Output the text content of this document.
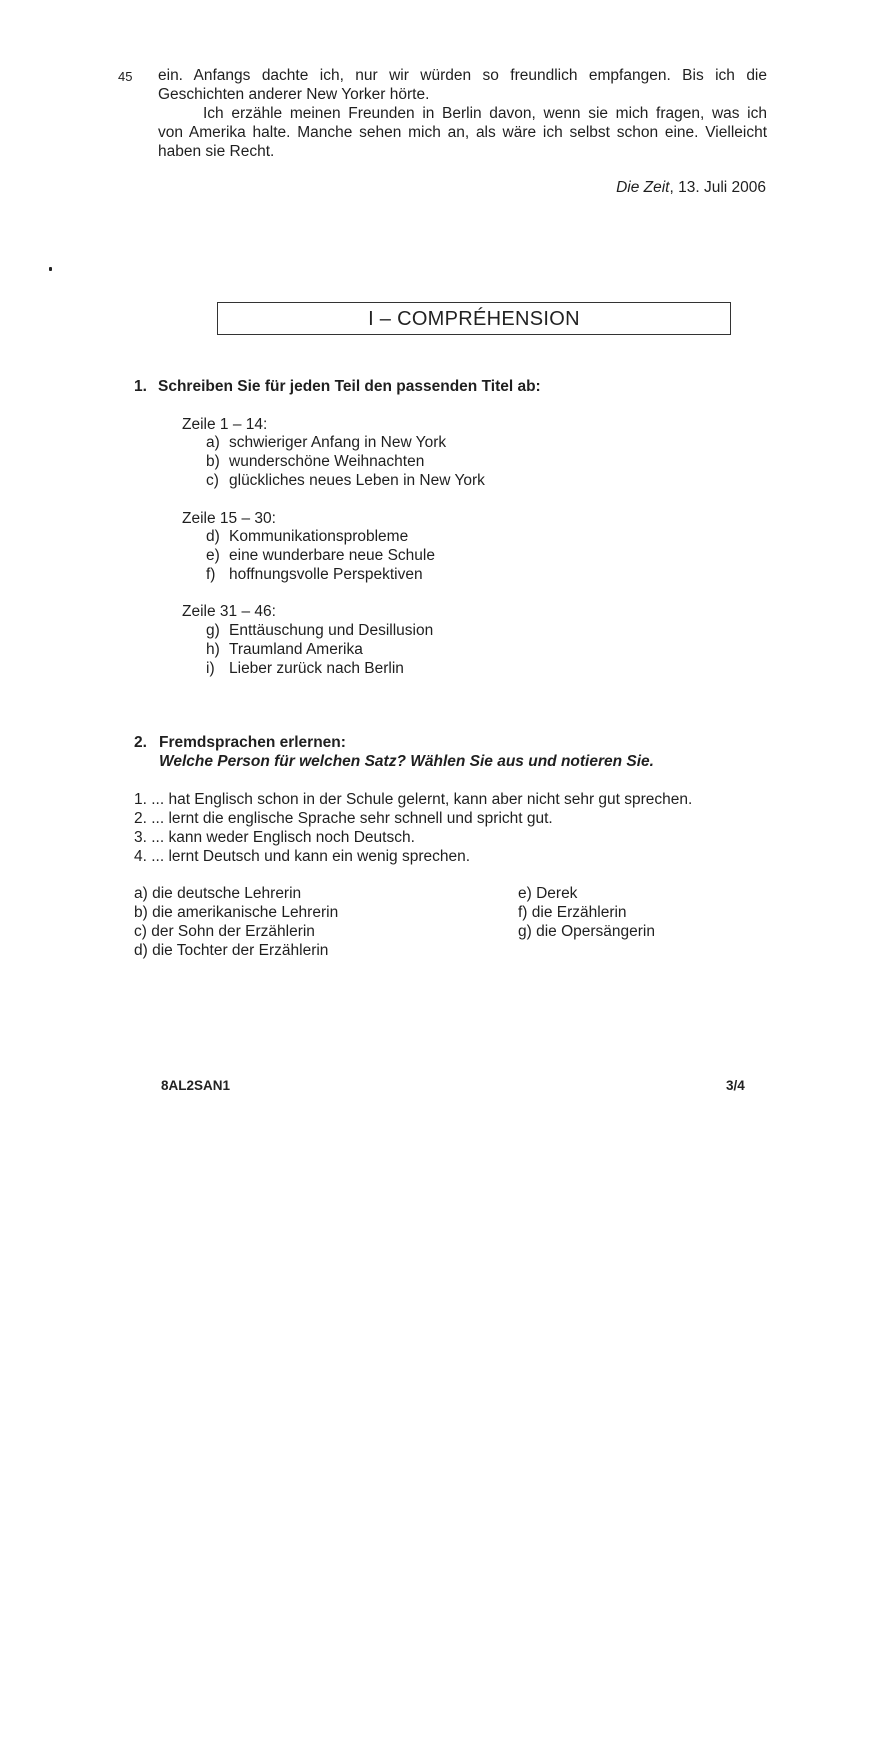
45 ein. Anfangs dachte ich, nur wir würden so freundlich empfangen. Bis ich die
Geschichten anderer New Yorker hörte.
Ich erzähle meinen Freunden in Berlin davon, wenn sie mich fragen, was ich
von Amerika halte. Manche sehen mich an, als wäre ich selbst schon eine. Vielleicht
haben sie Recht.
Die Zeit, 13. Juli 2006
I – COMPRÉHENSION
1. Schreiben Sie für jeden Teil den passenden Titel ab:
Zeile 1 – 14:
a) schwieriger Anfang in New York
b) wunderschöne Weihnachten
c) glückliches neues Leben in New York
Zeile 15 – 30:
d) Kommunikationsprobleme
e) eine wunderbare neue Schule
f) hoffnungsvolle Perspektiven
Zeile 31 – 46:
g) Enttäuschung und Desillusion
h) Traumland Amerika
i) Lieber zurück nach Berlin
2. Fremdsprachen erlernen:
Welche Person für welchen Satz? Wählen Sie aus und notieren Sie.
1. ... hat Englisch schon in der Schule gelernt, kann aber nicht sehr gut sprechen.
2. ... lernt die englische Sprache sehr schnell und spricht gut.
3. ... kann weder Englisch noch Deutsch.
4. ... lernt Deutsch und kann ein wenig sprechen.
a) die deutsche Lehrerin
b) die amerikanische Lehrerin
c) der Sohn der Erzählerin
d) die Tochter der Erzählerin
e) Derek
f) die Erzählerin
g) die Opersängerin
8AL2SAN1	3/4
